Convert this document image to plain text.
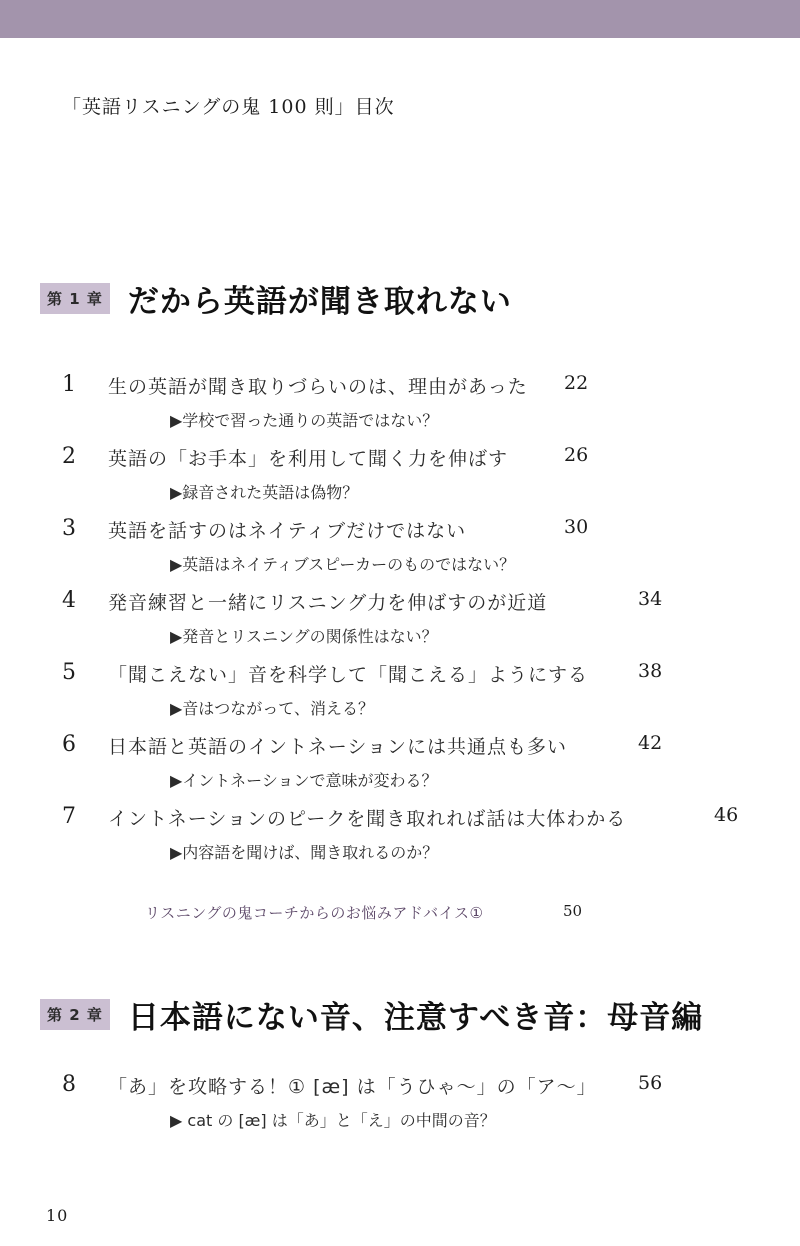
「英語リスニングの鬼 100 則」目次
第 1 章 だから英語が聞き取れない
1 生の英語が聞き取りづらいのは、理由があった 22
▶学校で習った通りの英語ではない？
2 英語の「お手本」を利用して聞く力を伸ばす	26
▶録音された英語は偽物？
3 英語を話すのはネイティブだけではない	30
▶英語はネイティブスピーカーのものではない？
4 発音練習と一緒にリスニング力を伸ばすのが近道	34
▶発音とリスニングの関係性はない？
5 「聞こえない」音を科学して「聞こえる」ようにする	38
▶音はつながって、消える？
6 日本語と英語のイントネーションには共通点も多い	42
▶イントネーションで意味が変わる？
7 イントネーションのピークを聞き取れれば話は大体わかる	46
▶内容語を聞けば、聞き取れるのか？
リスニングの鬼コーチからのお悩みアドバイス①	50
第 2 章 日本語にない音、注意すべき音：母音編
8 「あ」を攻略する！① [æ] は「うひゃ〜」の「ア〜」 56
▶ cat の [æ] は「あ」と「え」の中間の音？
10
